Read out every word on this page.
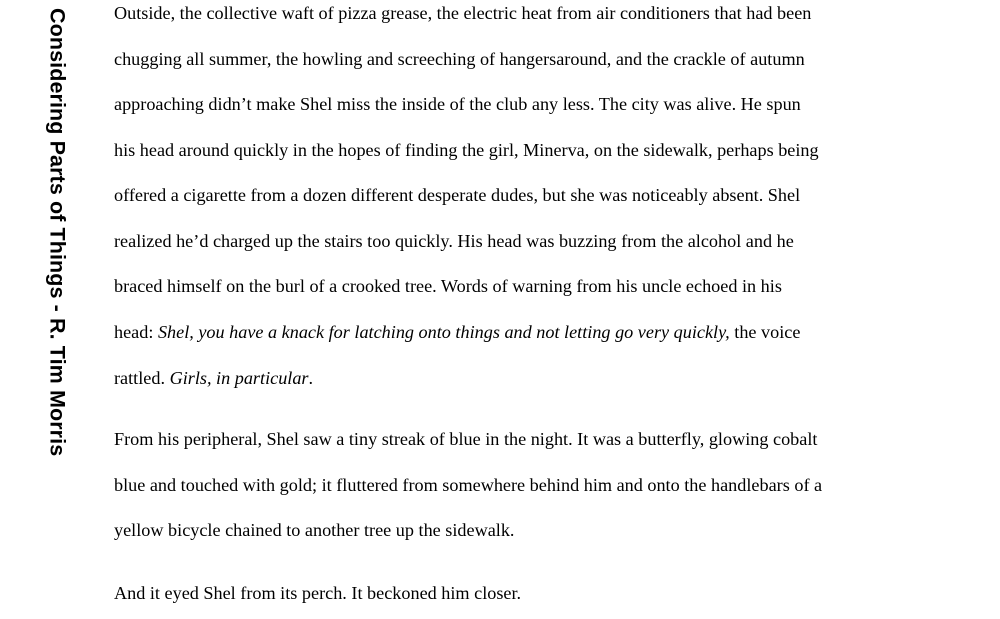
Considering Parts of Things - R. Tim Morris Outside, the collective waft of pizza grease, the electric heat from air conditioners that had been
chugging all summer, the howling and screeching of hangersaround, and the crackle of autumn
approaching didn’t make Shel miss the inside of the club any less. The city was alive. He spun
his head around quickly in the hopes of finding the girl, Minerva, on the sidewalk, perhaps being
offered a cigarette from a dozen different desperate dudes, but she was noticeably absent. Shel
realized he’d charged up the stairs too quickly. His head was buzzing from the alcohol and he
braced himself on the burl of a crooked tree. Words of warning from his uncle echoed in his
head: Shel, you have a knack for latching onto things and not letting go very quickly, the voice
rattled. Girls, in particular.
From his peripheral, Shel saw a tiny streak of blue in the night. It was a butterfly, glowing cobalt
blue and touched with gold; it fluttered from somewhere behind him and onto the handlebars of a
yellow bicycle chained to another tree up the sidewalk.
And it eyed Shel from its perch. It beckoned him closer.
